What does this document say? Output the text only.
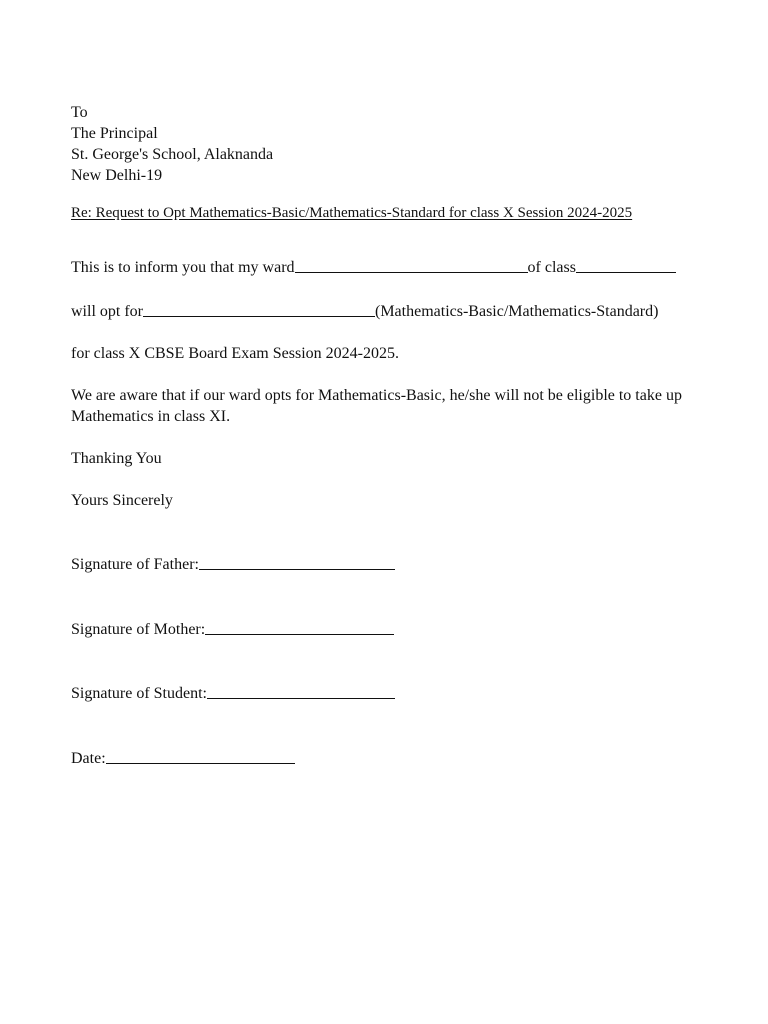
To

The Principal

St. George's School, Alaknanda

New Delhi-19

Re: Request to Opt Mathematics-Basic/Mathematics-Standard for class X Session 2024-2025

This is to inform you that my ward	of class

will opt for	(Mathematics-Basic/Mathematics-Standard)

for class X CBSE Board Exam Session 2024-2025.

We are aware that if our ward opts for Mathematics-Basic, he/she will not be eligible to take up Mathematics in class XI.

Thanking You

Yours Sincerely

Signature of Father:

Signature of Mother:

Signature of Student:

Date:
